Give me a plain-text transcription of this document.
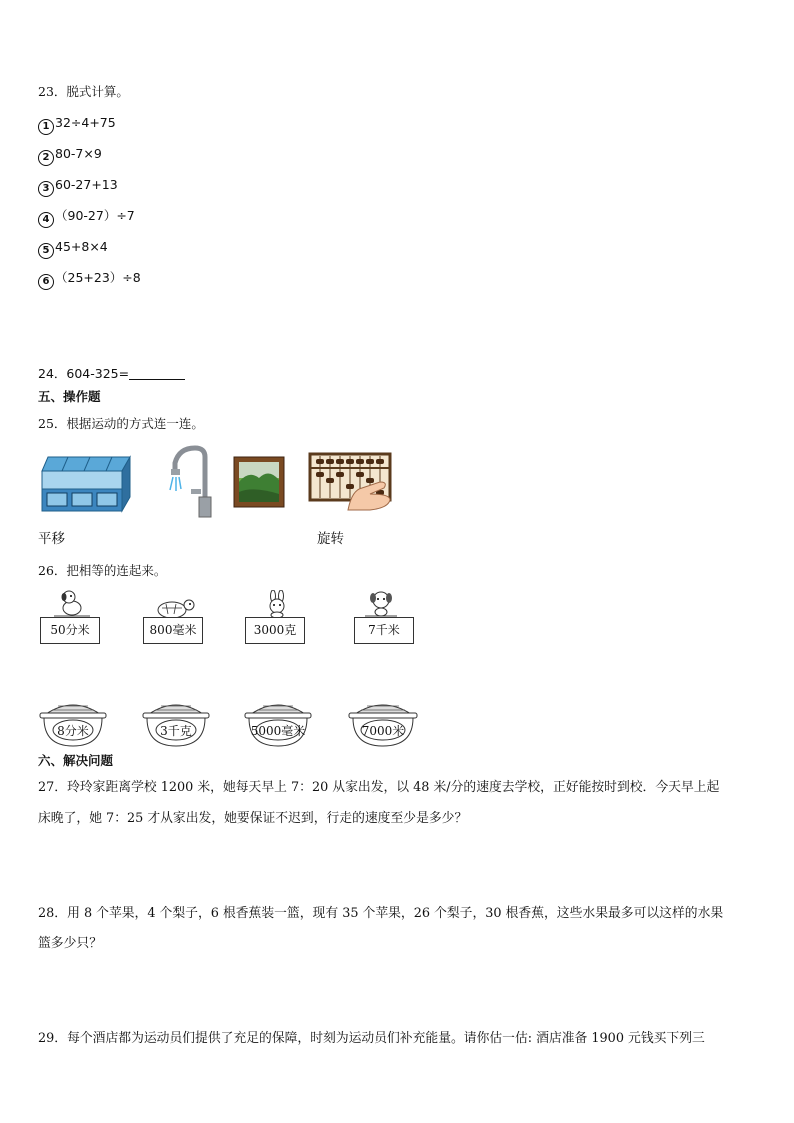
23．脱式计算。
1 32÷4+75
2 80-7×9
3 60-27+13
4 （90-27）÷7
5 45+8×4
6 （25+23）÷8
24．604-325=
五、操作题
25．根据运动的方式连一连。
平移	旋转
26．把相等的连起来。
50分米	800毫米	3000克	7千米
8分米	3千克	5000毫米	7000米
六、解决问题
27．玲玲家距离学校 1200 米，她每天早上 7：20 从家出发，以 48 米/分的速度去学校，正好能按时到校．今天早上起
床晚了，她 7：25 才从家出发，她要保证不迟到，行走的速度至少是多少？
28．用 8 个苹果，4 个梨子，6 根香蕉装一篮，现有 35 个苹果，26 个梨子，30 根香蕉，这些水果最多可以这样的水果
篮多少只？
29．每个酒店都为运动员们提供了充足的保障，时刻为运动员们补充能量。请你估一估: 酒店准备 1900 元钱买下列三
